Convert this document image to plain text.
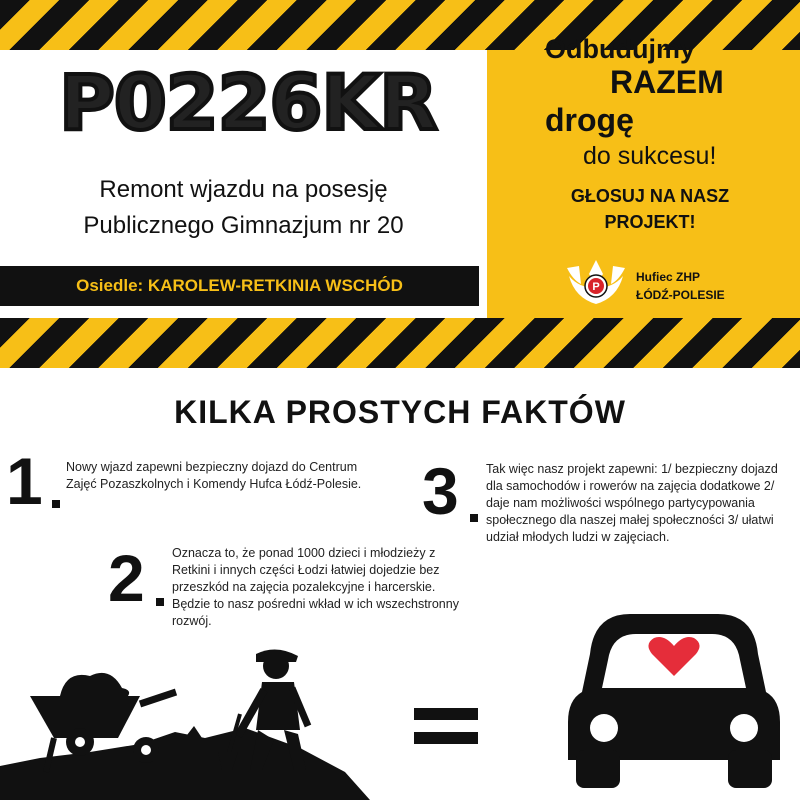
P0226KR
Remont wjazdu na posesję
Publicznego Gimnazjum nr 20
Osiedle: KAROLEW-RETKINIA WSCHÓD
Odbudujmy
RAZEM
drogę
do sukcesu!
GŁOSUJ NA NASZ
PROJEKT!
P
Hufiec ZHP
ŁÓDŹ-POLESIE
KILKA PROSTYCH FAKTÓW
1 Nowy wjazd zapewni bezpieczny dojazd do Centrum Zajęć Pozaszkolnych i Komendy Hufca Łódź-Polesie.

2 Oznacza to, że ponad 1000 dzieci i młodzieży z Retkini i innych części Łodzi łatwiej dojedzie bez przeszkód na zajęcia pozalekcyjne i harcerskie. Będzie to nasz pośredni wkład w ich wszechstronny rozwój.

3 Tak więc nasz projekt zapewni: 1/ bezpieczny dojazd dla samochodów i rowerów na zajęcia dodatkowe 2/ daje nam możliwości wspólnego partycypowania społecznego dla naszej małej społeczności 3/ ułatwi udział młodych ludzi w zajęciach.
